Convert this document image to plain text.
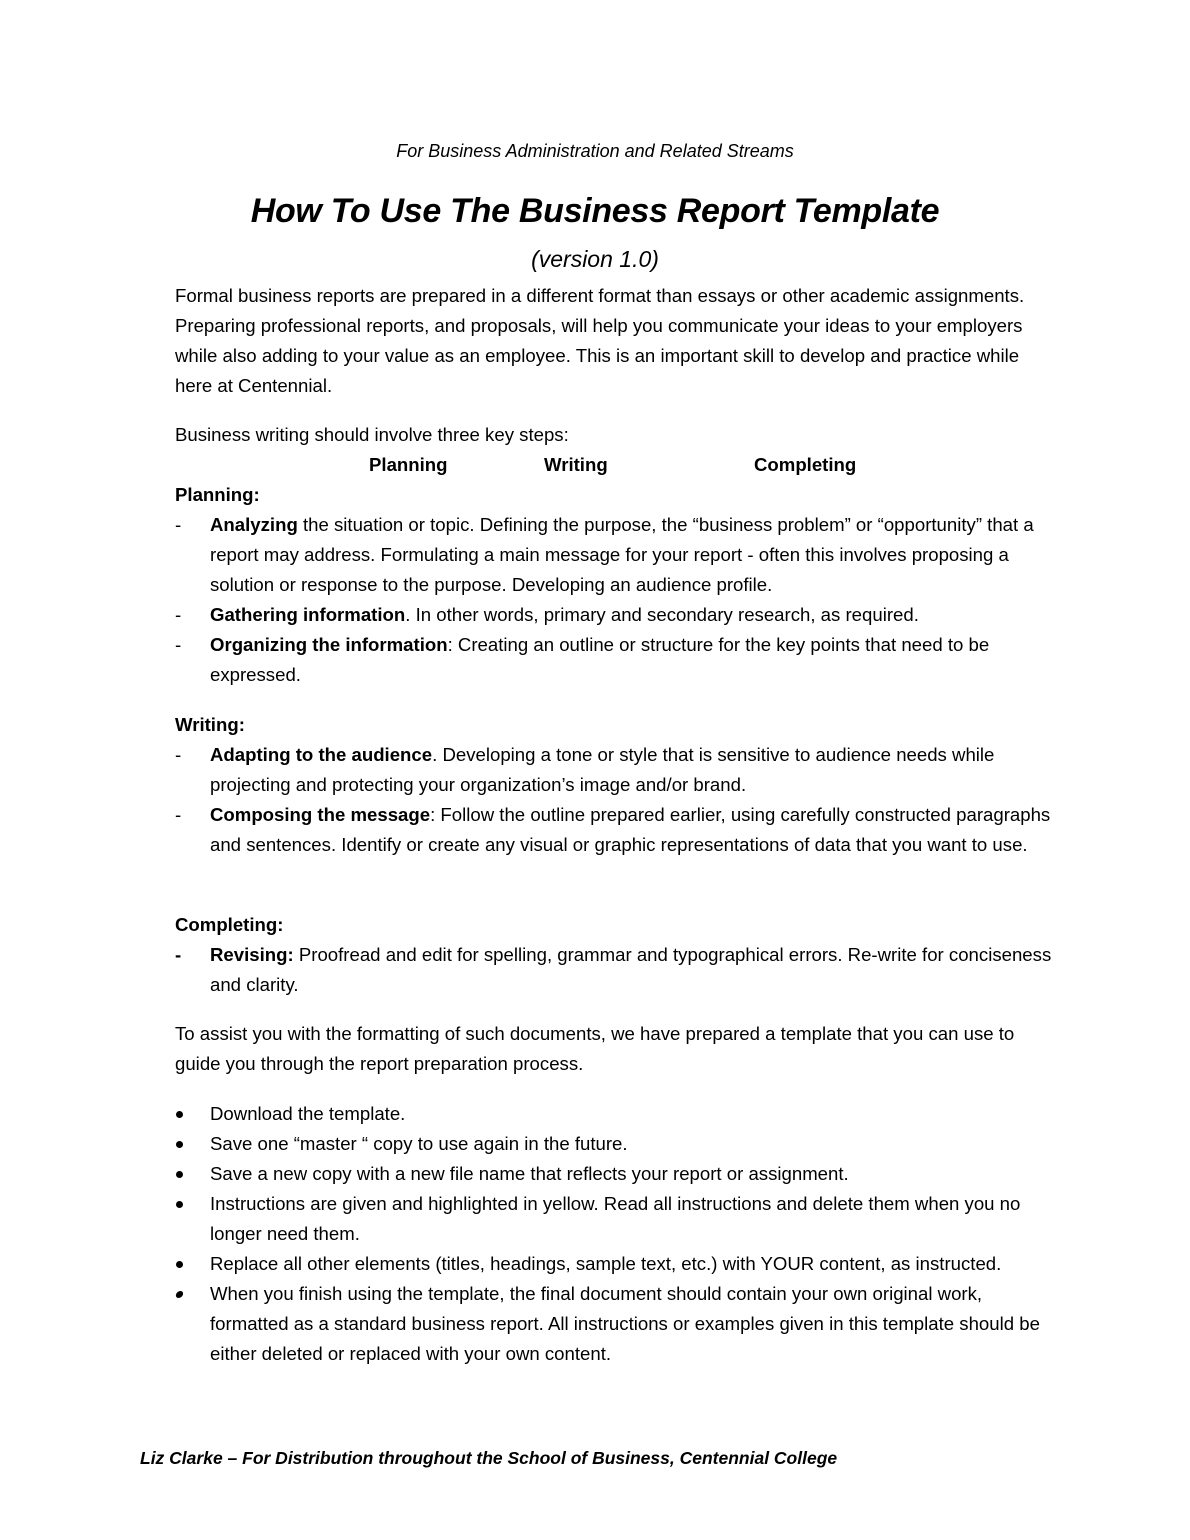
For Business Administration and Related Streams
How To Use The Business Report Template
(version 1.0)

Formal business reports are prepared in a different format than essays or other academic assignments. Preparing professional reports, and proposals, will help you communicate your ideas to your employers while also adding to your value as an employee. This is an important skill to develop and practice while here at Centennial.

Business writing should involve three key steps:

Planning	Writing	Completing

Planning:

- Analyzing the situation or topic. Defining the purpose, the “business problem” or “opportunity” that a report may address. Formulating a main message for your report - often this involves proposing a solution or response to the purpose. Developing an audience profile.
- Gathering information. In other words, primary and secondary research, as required.
- Organizing the information: Creating an outline or structure for the key points that need to be expressed.

Writing:

- Adapting to the audience. Developing a tone or style that is sensitive to audience needs while projecting and protecting your organization’s image and/or brand.
- Composing the message: Follow the outline prepared earlier, using carefully constructed paragraphs and sentences. Identify or create any visual or graphic representations of data that you want to use.

Completing:

- Revising: Proofread and edit for spelling, grammar and typographical errors. Re-write for conciseness and clarity.

To assist you with the formatting of such documents, we have prepared a template that you can use to guide you through the report preparation process.

Download the template.
Save one “master “ copy to use again in the future.
Save a new copy with a new file name that reflects your report or assignment.
Instructions are given and highlighted in yellow. Read all instructions and delete them when you no longer need them.
Replace all other elements (titles, headings, sample text, etc.) with YOUR content, as instructed.
When you finish using the template, the final document should contain your own original work, formatted as a standard business report. All instructions or examples given in this template should be either deleted or replaced with your own content.
Liz Clarke – For Distribution throughout the School of Business, Centennial College
